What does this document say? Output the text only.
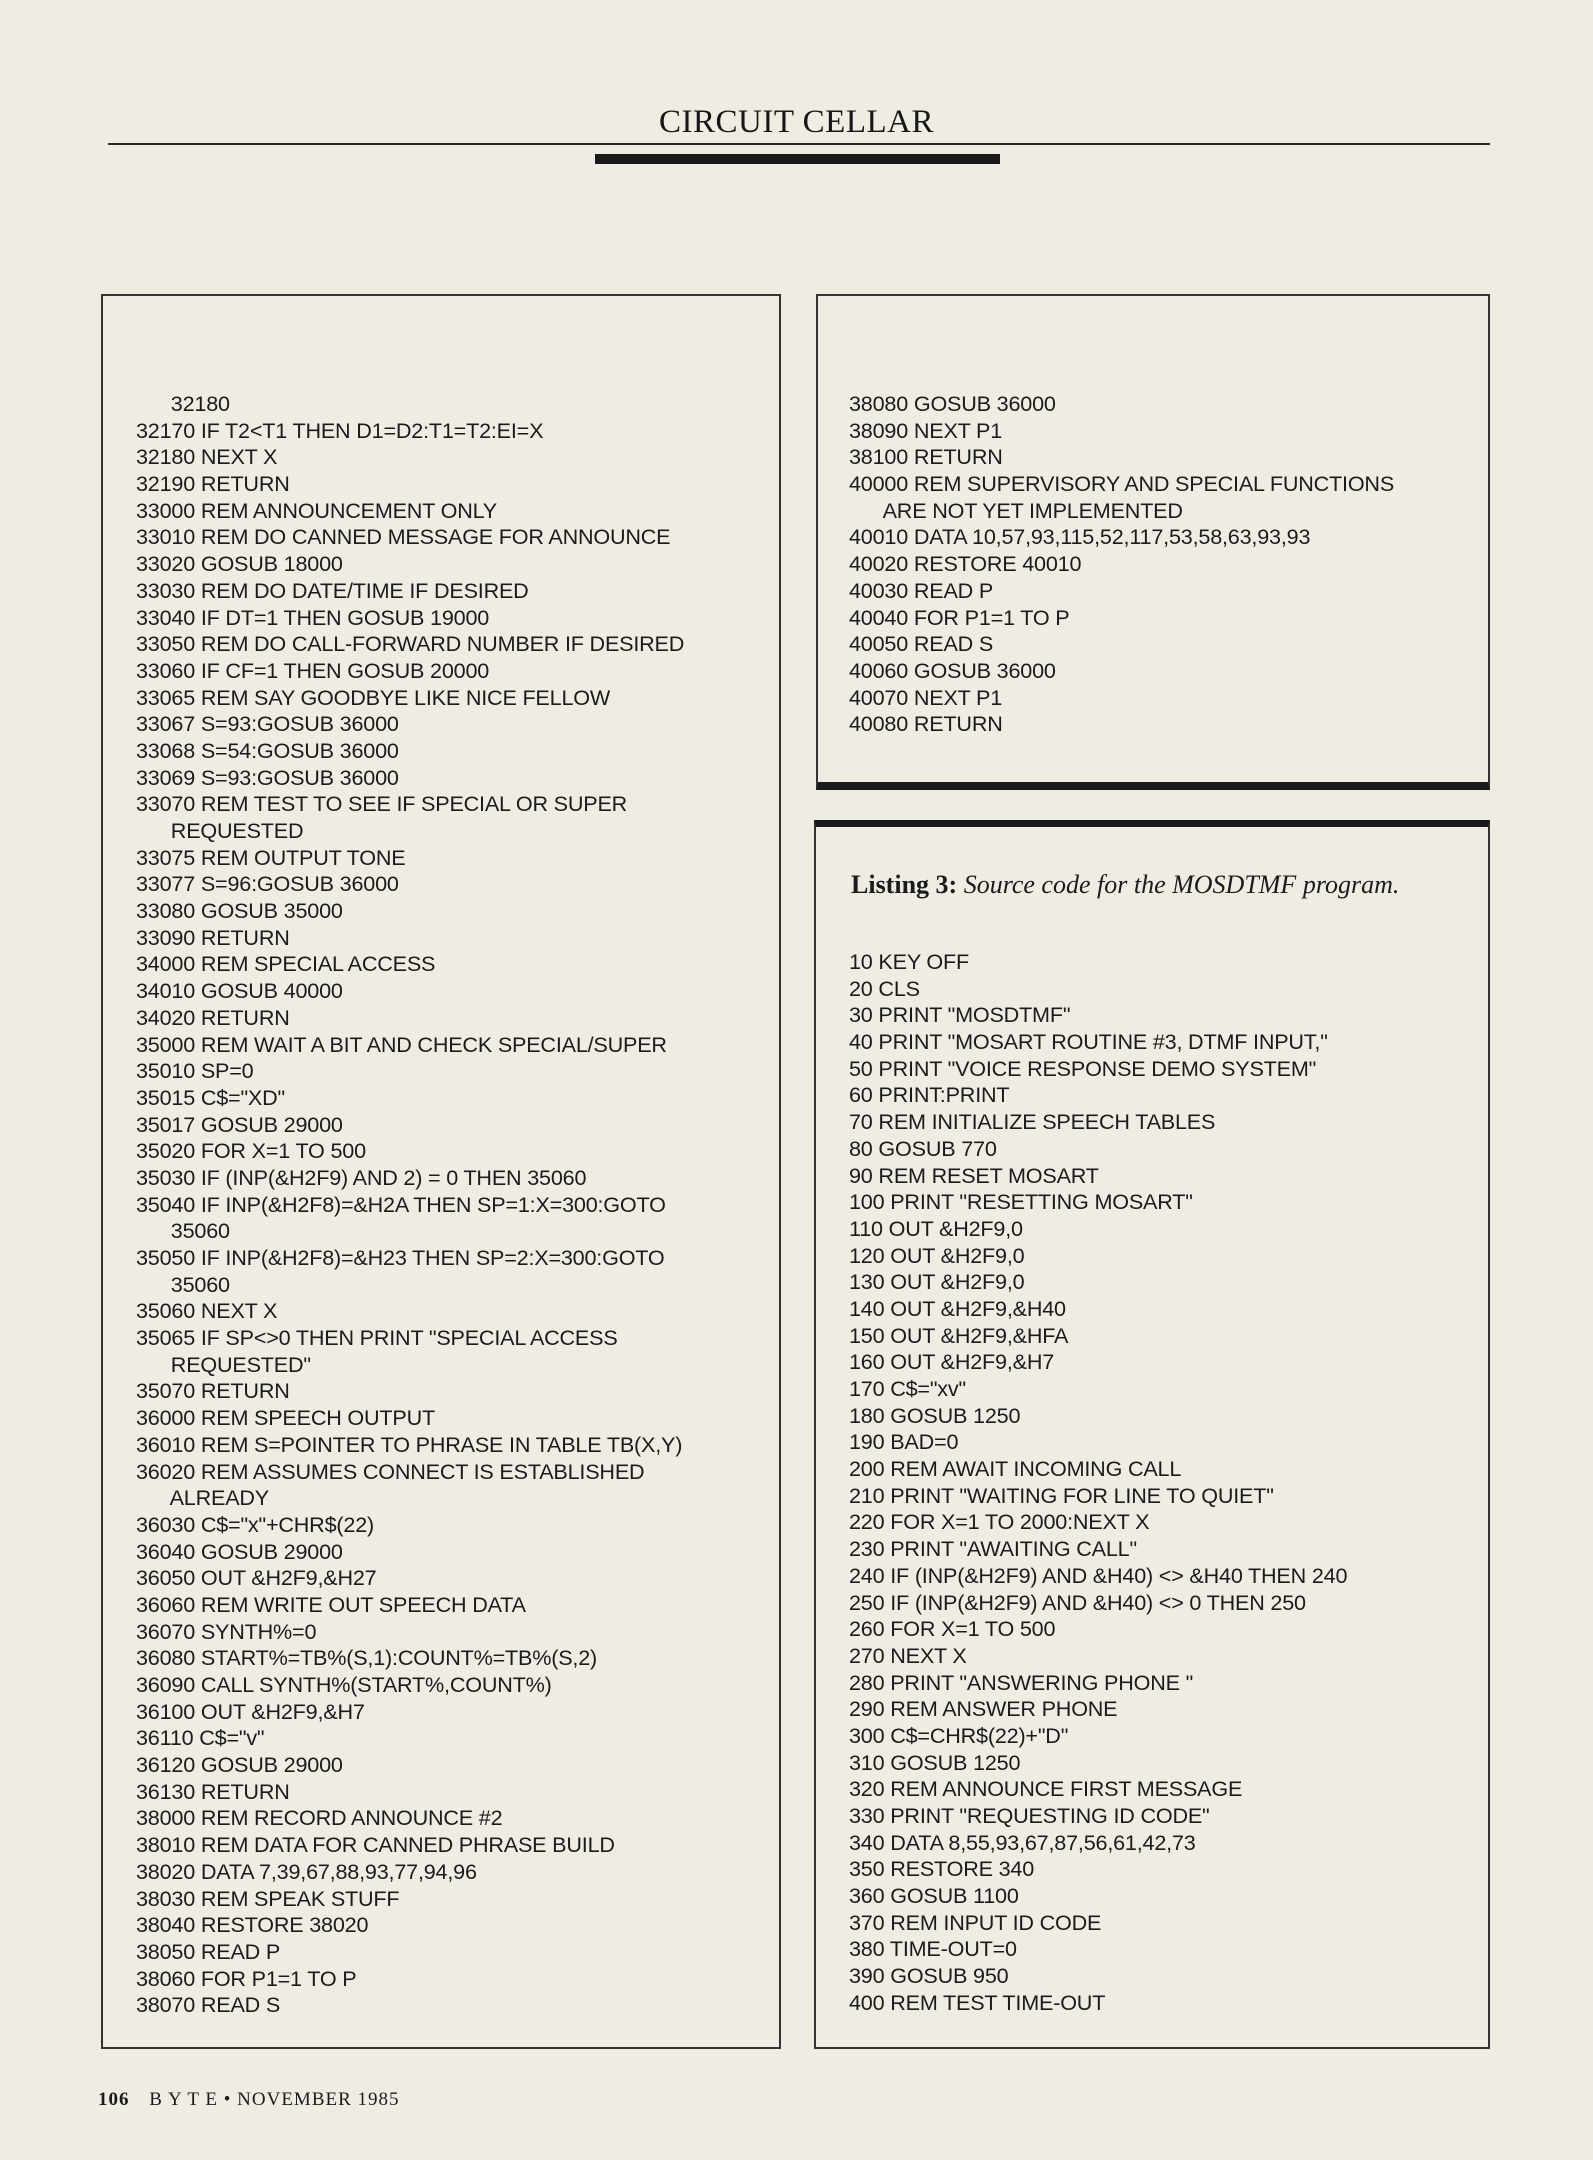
CIRCUIT CELLAR
32180
32170 IF T2<T1 THEN D1=D2:T1=T2:EI=X
32180 NEXT X
32190 RETURN
33000 REM ANNOUNCEMENT ONLY
33010 REM DO CANNED MESSAGE FOR ANNOUNCE
33020 GOSUB 18000
33030 REM DO DATE/TIME IF DESIRED
33040 IF DT=1 THEN GOSUB 19000
33050 REM DO CALL-FORWARD NUMBER IF DESIRED
33060 IF CF=1 THEN GOSUB 20000
33065 REM SAY GOODBYE LIKE NICE FELLOW
33067 S=93:GOSUB 36000
33068 S=54:GOSUB 36000
33069 S=93:GOSUB 36000
33070 REM TEST TO SEE IF SPECIAL OR SUPER
REQUESTED
33075 REM OUTPUT TONE
33077 S=96:GOSUB 36000
33080 GOSUB 35000
33090 RETURN
34000 REM SPECIAL ACCESS
34010 GOSUB 40000
34020 RETURN
35000 REM WAIT A BIT AND CHECK SPECIAL/SUPER
35010 SP=0
35015 C$="XD"
35017 GOSUB 29000
35020 FOR X=1 TO 500
35030 IF (INP(&H2F9) AND 2) = 0 THEN 35060
35040 IF INP(&H2F8)=&H2A THEN SP=1:X=300:GOTO
35060
35050 IF INP(&H2F8)=&H23 THEN SP=2:X=300:GOTO
35060
35060 NEXT X
35065 IF SP<>0 THEN PRINT "SPECIAL ACCESS
REQUESTED"
35070 RETURN
36000 REM SPEECH OUTPUT
36010 REM S=POINTER TO PHRASE IN TABLE TB(X,Y)
36020 REM ASSUMES CONNECT IS ESTABLISHED
ALREADY
36030 C$="x"+CHR$(22)
36040 GOSUB 29000
36050 OUT &H2F9,&H27
36060 REM WRITE OUT SPEECH DATA
36070 SYNTH%=0
36080 START%=TB%(S,1):COUNT%=TB%(S,2)
36090 CALL SYNTH%(START%,COUNT%)
36100 OUT &H2F9,&H7
36110 C$="v"
36120 GOSUB 29000
36130 RETURN
38000 REM RECORD ANNOUNCE #2
38010 REM DATA FOR CANNED PHRASE BUILD
38020 DATA 7,39,67,88,93,77,94,96
38030 REM SPEAK STUFF
38040 RESTORE 38020
38050 READ P
38060 FOR P1=1 TO P
38070 READ S
38080 GOSUB 36000
38090 NEXT P1
38100 RETURN
40000 REM SUPERVISORY AND SPECIAL FUNCTIONS
ARE NOT YET IMPLEMENTED
40010 DATA 10,57,93,115,52,117,53,58,63,93,93
40020 RESTORE 40010
40030 READ P
40040 FOR P1=1 TO P
40050 READ S
40060 GOSUB 36000
40070 NEXT P1
40080 RETURN
Listing 3: Source code for the MOSDTMF program.
10 KEY OFF
20 CLS
30 PRINT "MOSDTMF"
40 PRINT "MOSART ROUTINE #3, DTMF INPUT,"
50 PRINT "VOICE RESPONSE DEMO SYSTEM"
60 PRINT:PRINT
70 REM INITIALIZE SPEECH TABLES
80 GOSUB 770
90 REM RESET MOSART
100 PRINT "RESETTING MOSART"
110 OUT &H2F9,0
120 OUT &H2F9,0
130 OUT &H2F9,0
140 OUT &H2F9,&H40
150 OUT &H2F9,&HFA
160 OUT &H2F9,&H7
170 C$="xv"
180 GOSUB 1250
190 BAD=0
200 REM AWAIT INCOMING CALL
210 PRINT "WAITING FOR LINE TO QUIET"
220 FOR X=1 TO 2000:NEXT X
230 PRINT "AWAITING CALL"
240 IF (INP(&H2F9) AND &H40) <> &H40 THEN 240
250 IF (INP(&H2F9) AND &H40) <> 0 THEN 250
260 FOR X=1 TO 500
270 NEXT X
280 PRINT "ANSWERING PHONE "
290 REM ANSWER PHONE
300 C$=CHR$(22)+"D"
310 GOSUB 1250
320 REM ANNOUNCE FIRST MESSAGE
330 PRINT "REQUESTING ID CODE"
340 DATA 8,55,93,67,87,56,61,42,73
350 RESTORE 340
360 GOSUB 1100
370 REM INPUT ID CODE
380 TIME-OUT=0
390 GOSUB 950
400 REM TEST TIME-OUT
106 B Y T E • NOVEMBER 1985
